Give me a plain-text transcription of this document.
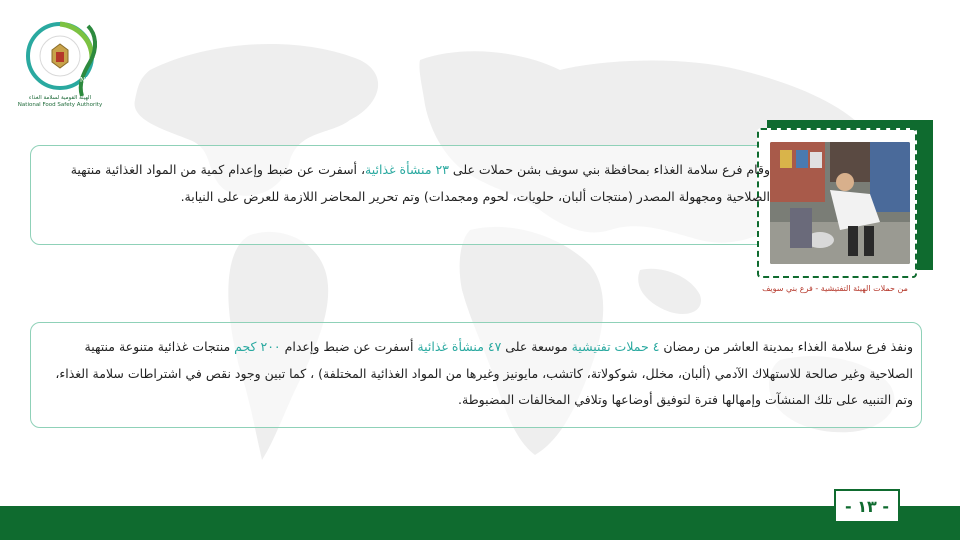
NFSA
الهيئة القومية لسلامة الغذاء
National Food Safety Authority
وقام فرع سلامة الغذاء بمحافظة بني سويف بشن حملات على ٢٣ منشأة غذائية، أسفرت عن ضبط وإعدام كمية من المواد الغذائية منتهية الصلاحية ومجهولة المصدر (منتجات ألبان، حلويات، لحوم ومجمدات) وتم تحرير المحاضر اللازمة للعرض على النيابة.
من حملات الهيئة التفتيشية - فرع بني سويف
ونفذ فرع سلامة الغذاء بمدينة العاشر من رمضان ٤ حملات تفتيشية موسعة على ٤٧ منشأة غذائية أسفرت عن ضبط وإعدام ٢٠٠ كجم منتجات غذائية متنوعة منتهية الصلاحية وغير صالحة للاستهلاك الآدمي (ألبان، مخلل، شوكولاتة، كاتشب، مايونيز وغيرها من المواد الغذائية المختلفة) ، كما تبين وجود نقص في اشتراطات سلامة الغذاء، وتم التنبيه على تلك المنشآت وإمهالها فترة لتوفيق أوضاعها وتلافي المخالفات المضبوطة.
- ١٣ -
